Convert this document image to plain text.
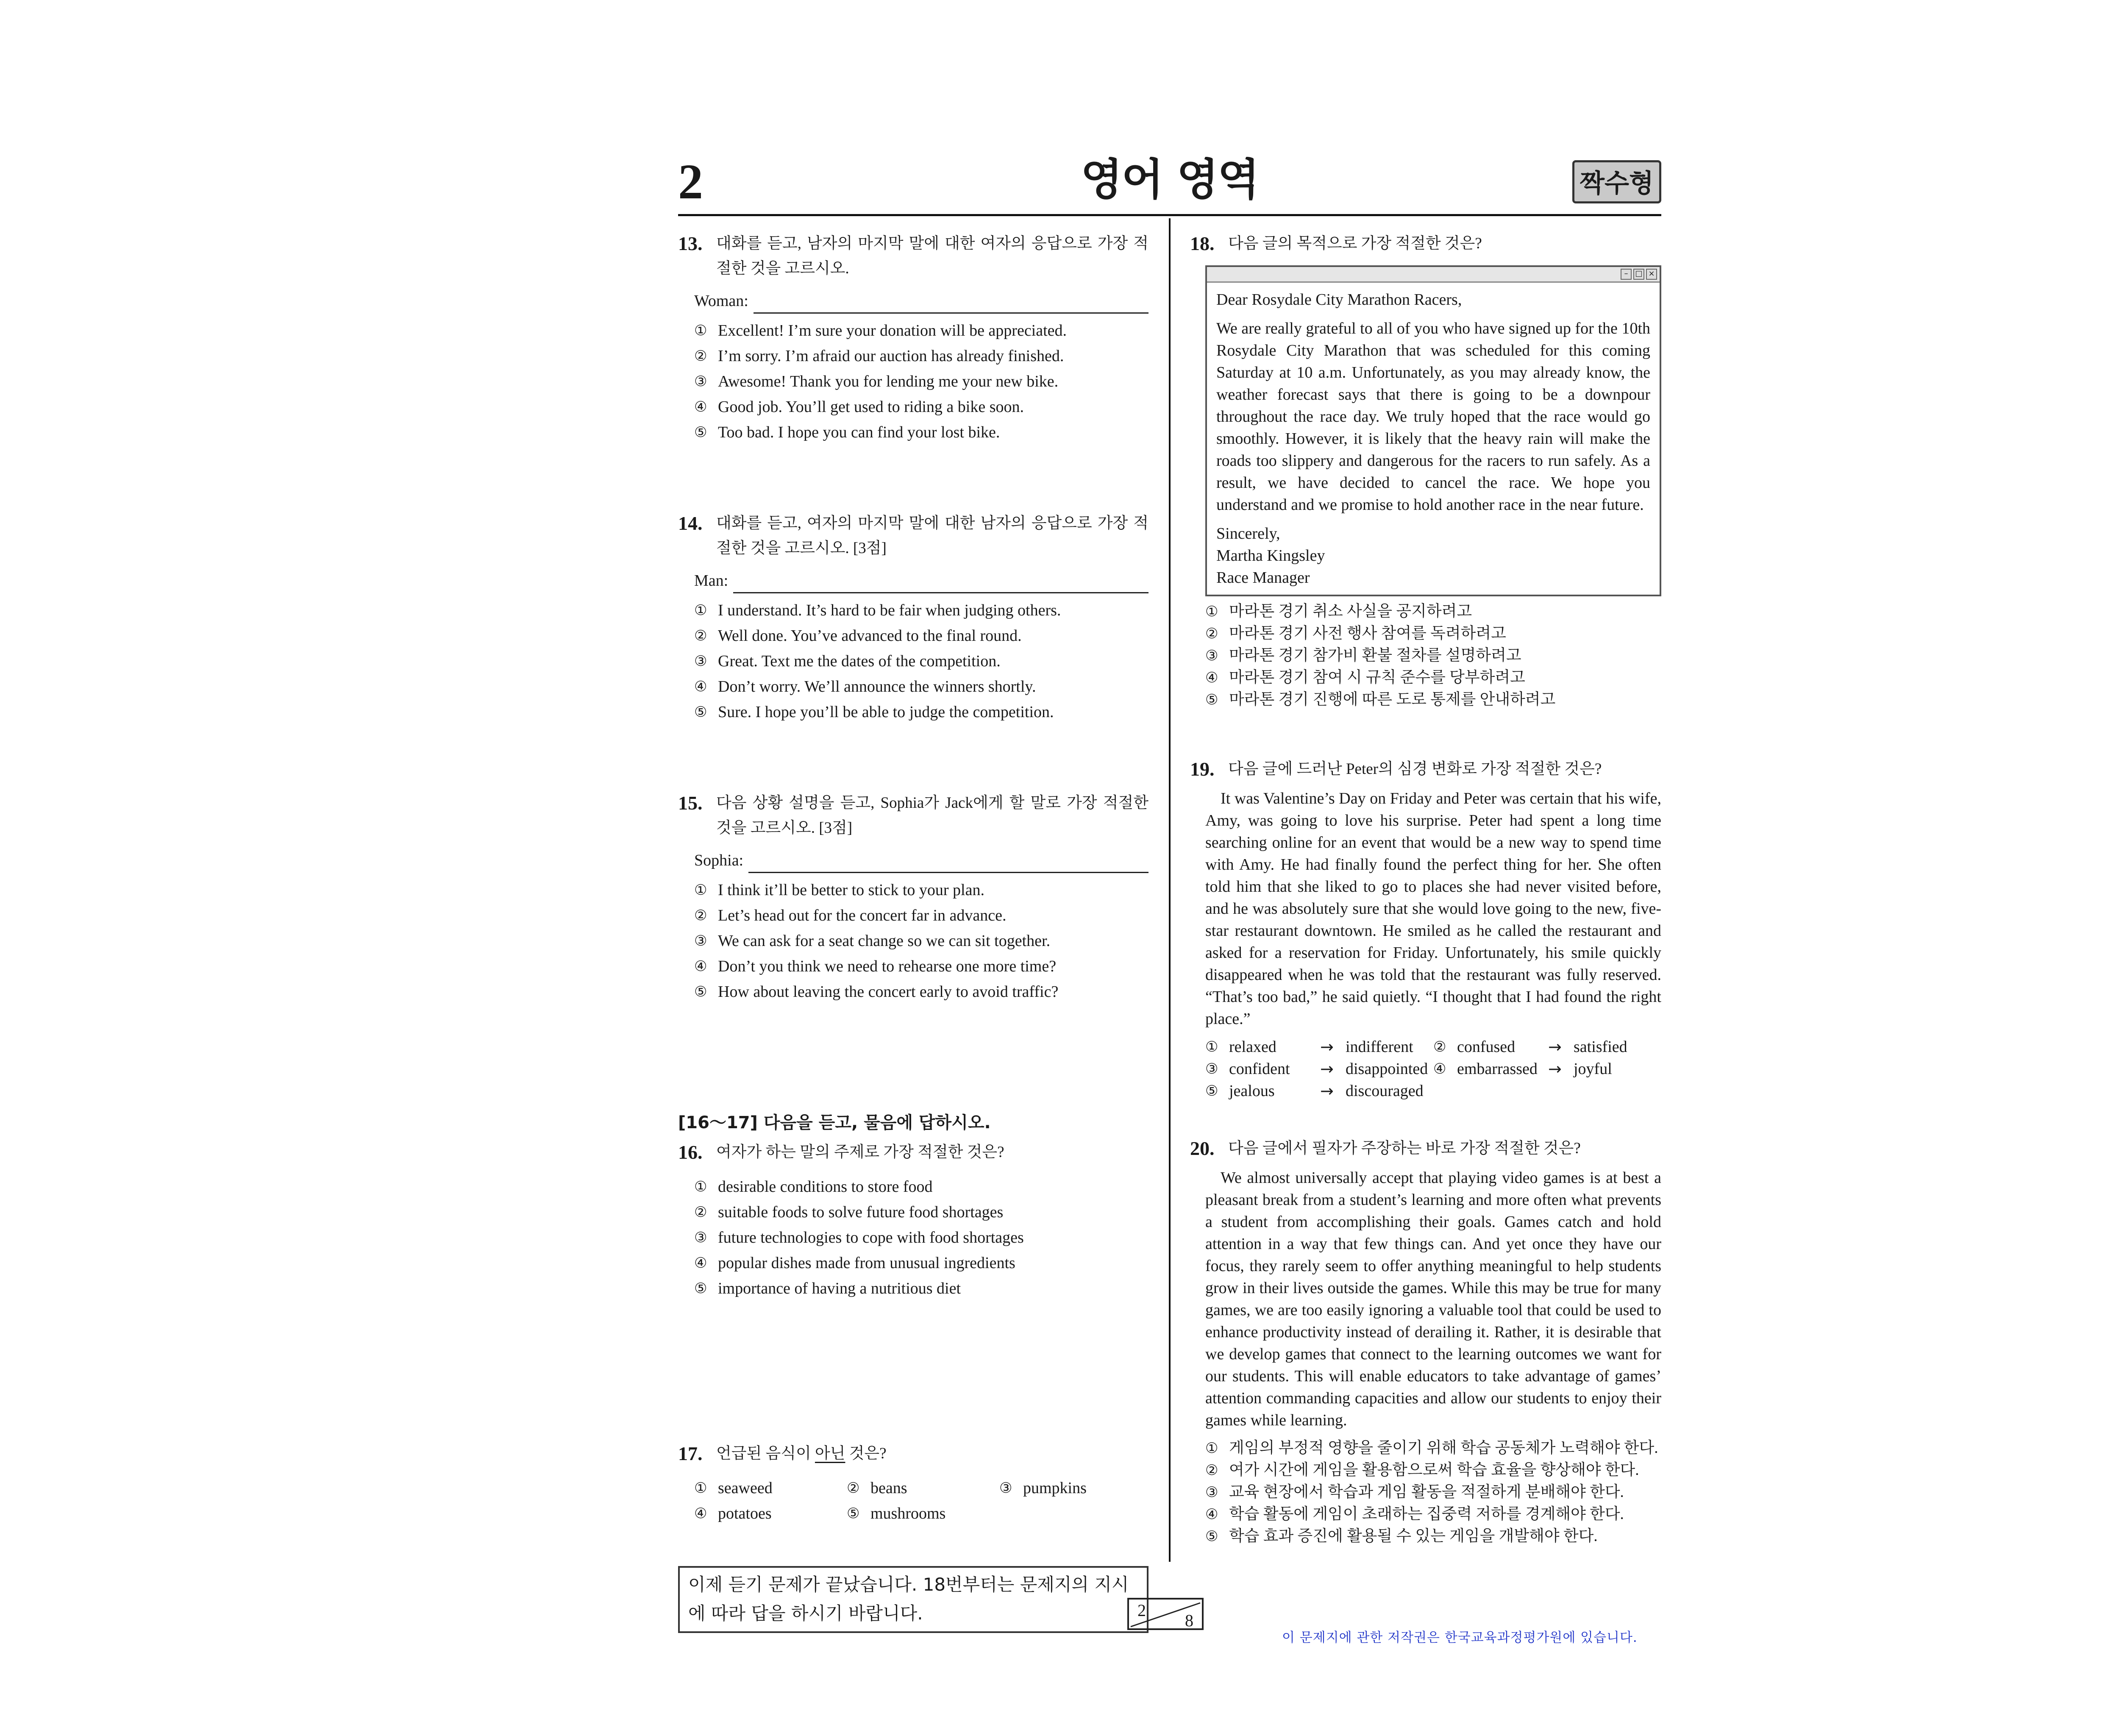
2	영어 영역	짝수형
13. 대화를 듣고, 남자의 마지막 말에 대한 여자의 응답으로 가장 적절한 것을 고르시오.
Woman:
① Excellent! I’m sure your donation will be appreciated.
② I’m sorry. I’m afraid our auction has already finished.
③ Awesome! Thank you for lending me your new bike.
④ Good job. You’ll get used to riding a bike soon.
⑤ Too bad. I hope you can find your lost bike.
14. 대화를 듣고, 여자의 마지막 말에 대한 남자의 응답으로 가장 적절한 것을 고르시오. [3점]
Man:
① I understand. It’s hard to be fair when judging others.
② Well done. You’ve advanced to the final round.
③ Great. Text me the dates of the competition.
④ Don’t worry. We’ll announce the winners shortly.
⑤ Sure. I hope you’ll be able to judge the competition.
15. 다음 상황 설명을 듣고, Sophia가 Jack에게 할 말로 가장 적절한 것을 고르시오. [3점]
Sophia:
① I think it’ll be better to stick to your plan.
② Let’s head out for the concert far in advance.
③ We can ask for a seat change so we can sit together.
④ Don’t you think we need to rehearse one more time?
⑤ How about leaving the concert early to avoid traffic?
[16～17] 다음을 듣고, 물음에 답하시오.
16. 여자가 하는 말의 주제로 가장 적절한 것은?
① desirable conditions to store food
② suitable foods to solve future food shortages
③ future technologies to cope with food shortages
④ popular dishes made from unusual ingredients
⑤ importance of having a nutritious diet
17. 언급된 음식이 아닌 것은?
① seaweed	② beans	③ pumpkins
④ potatoes	⑤ mushrooms
이제 듣기 문제가 끝났습니다. 18번부터는 문제지의 지시에 따라 답을 하시기 바랍니다.
18. 다음 글의 목적으로 가장 적절한 것은?
– □ ×

Dear Rosydale City Marathon Racers,

We are really grateful to all of you who have signed up for the 10th Rosydale City Marathon that was scheduled for this coming Saturday at 10 a.m. Unfortunately, as you may already know, the weather forecast says that there is going to be a downpour throughout the race day. We truly hoped that the race would go smoothly. However, it is likely that the heavy rain will make the roads too slippery and dangerous for the racers to run safely. As a result, we have decided to cancel the race. We hope you understand and we promise to hold another race in the near future.

Sincerely,

Martha Kingsley

Race Manager

① 마라톤 경기 취소 사실을 공지하려고
② 마라톤 경기 사전 행사 참여를 독려하려고
③ 마라톤 경기 참가비 환불 절차를 설명하려고
④ 마라톤 경기 참여 시 규칙 준수를 당부하려고
⑤ 마라톤 경기 진행에 따른 도로 통제를 안내하려고
19. 다음 글에 드러난 Peter의 심경 변화로 가장 적절한 것은?
It was Valentine’s Day on Friday and Peter was certain that his wife, Amy, was going to love his surprise. Peter had spent a long time searching online for an event that would be a new way to spend time with Amy. He had finally found the perfect thing for her. She often told him that she liked to go to places she had never visited before, and he was absolutely sure that she would love going to the new, five-star restaurant downtown. He smiled as he called the restaurant and asked for a reservation for Friday. Unfortunately, his smile quickly disappeared when he was told that the restaurant was fully reserved. “That’s too bad,” he said quietly. “I thought that I had found the right place.”
① relaxed	→ indifferent ② confused	→ satisfied
③ confident	→ disappointed ④ embarrassed → joyful
⑤ jealous	→ discouraged
20. 다음 글에서 필자가 주장하는 바로 가장 적절한 것은?
We almost universally accept that playing video games is at best a pleasant break from a student’s learning and more often what prevents a student from accomplishing their goals. Games catch and hold attention in a way that few things can. And yet once they have our focus, they rarely seem to offer anything meaningful to help students grow in their lives outside the games. While this may be true for many games, we are too easily ignoring a valuable tool that could be used to enhance productivity instead of derailing it. Rather, it is desirable that we develop games that connect to the learning outcomes we want for our students. This will enable educators to take advantage of games’ attention commanding capacities and allow our students to enjoy their games while learning.
① 게임의 부정적 영향을 줄이기 위해 학습 공동체가 노력해야 한다.
② 여가 시간에 게임을 활용함으로써 학습 효율을 향상해야 한다.
③ 교육 현장에서 학습과 게임 활동을 적절하게 분배해야 한다.
④ 학습 활동에 게임이 초래하는 집중력 저하를 경계해야 한다.
⑤ 학습 효과 증진에 활용될 수 있는 게임을 개발해야 한다.
2
8
이 문제지에 관한 저작권은 한국교육과정평가원에 있습니다.
